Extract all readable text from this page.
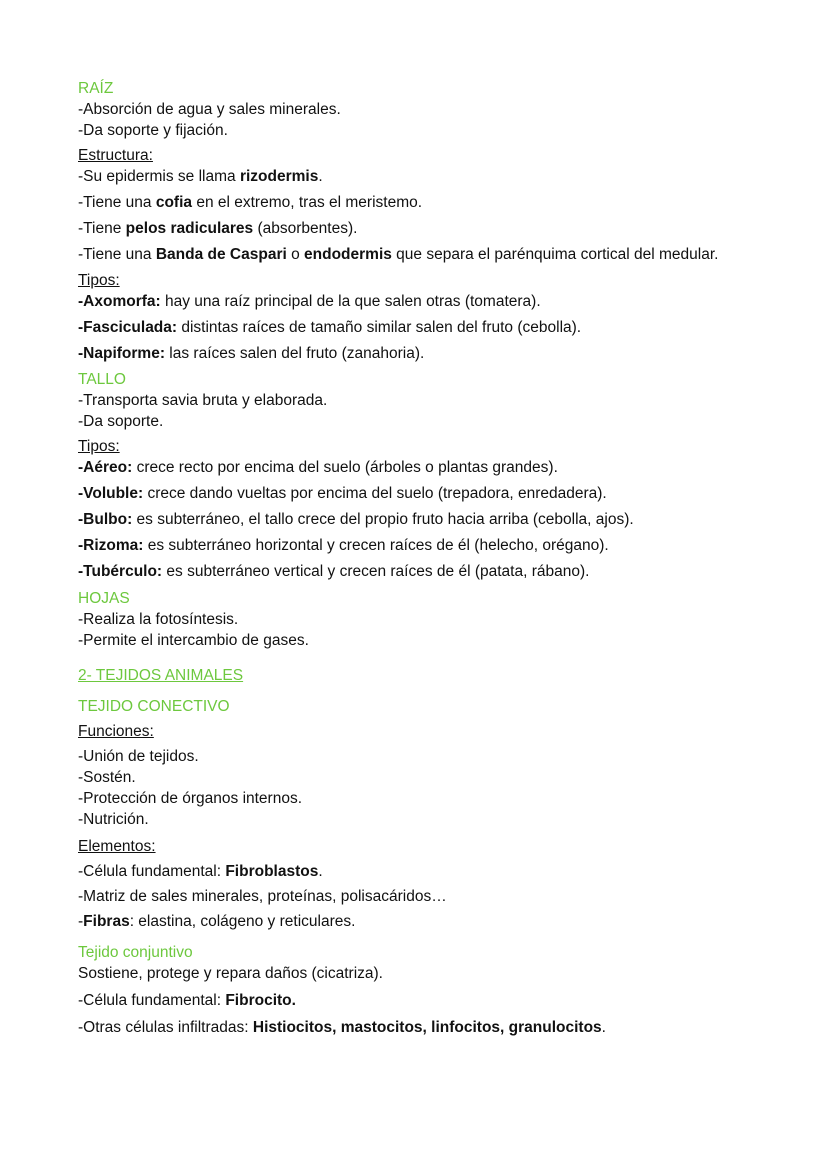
RAÍZ

-Absorción de agua y sales minerales.

-Da soporte y fijación.

Estructura:

-Su epidermis se llama rizodermis.

-Tiene una cofia en el extremo, tras el meristemo.

-Tiene pelos radiculares (absorbentes).

-Tiene una Banda de Caspari o endodermis que separa el parénquima cortical del medular.

Tipos:

-Axomorfa: hay una raíz principal de la que salen otras (tomatera).

-Fasciculada: distintas raíces de tamaño similar salen del fruto (cebolla).

-Napiforme: las raíces salen del fruto (zanahoria).

TALLO

-Transporta savia bruta y elaborada.

-Da soporte.

Tipos:

-Aéreo: crece recto por encima del suelo (árboles o plantas grandes).

-Voluble: crece dando vueltas por encima del suelo (trepadora, enredadera).

-Bulbo: es subterráneo, el tallo crece del propio fruto hacia arriba (cebolla, ajos).

-Rizoma: es subterráneo horizontal y crecen raíces de él (helecho, orégano).

-Tubérculo: es subterráneo vertical y crecen raíces de él (patata, rábano).

HOJAS

-Realiza la fotosíntesis.

-Permite el intercambio de gases.

2- TEJIDOS ANIMALES

TEJIDO CONECTIVO

Funciones:

-Unión de tejidos.

-Sostén.

-Protección de órganos internos.

-Nutrición.

Elementos:

-Célula fundamental: Fibroblastos.

-Matriz de sales minerales, proteínas, polisacáridos…

-Fibras: elastina, colágeno y reticulares.

Tejido conjuntivo

Sostiene, protege y repara daños (cicatriza).

-Célula fundamental: Fibrocito.

-Otras células infiltradas: Histiocitos, mastocitos, linfocitos, granulocitos.
